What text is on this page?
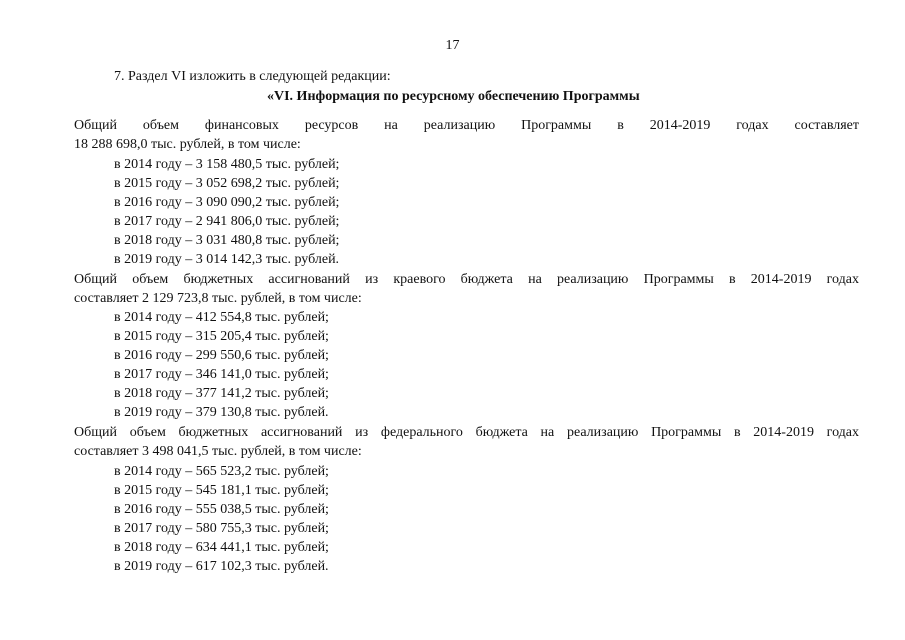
17
7. Раздел VI изложить в следующей редакции:
«VI. Информация по ресурсному обеспечению Программы
Общий объем финансовых ресурсов на реализацию Программы в 2014-2019 годах составляет
18 288 698,0 тыс. рублей, в том числе:
в 2014 году – 3 158 480,5 тыс. рублей;
в 2015 году – 3 052 698,2 тыс. рублей;
в 2016 году – 3 090 090,2 тыс. рублей;
в 2017 году – 2 941 806,0 тыс. рублей;
в 2018 году – 3 031 480,8 тыс. рублей;
в 2019 году – 3 014 142,3 тыс. рублей.
Общий объем бюджетных ассигнований из краевого бюджета на реализацию Программы в 2014-2019 годах
составляет 2 129 723,8 тыс. рублей, в том числе:
в 2014 году – 412 554,8 тыс. рублей;
в 2015 году – 315 205,4 тыс. рублей;
в 2016 году – 299 550,6 тыс. рублей;
в 2017 году – 346 141,0 тыс. рублей;
в 2018 году – 377 141,2 тыс. рублей;
в 2019 году – 379 130,8 тыс. рублей.
Общий объем бюджетных ассигнований из федерального бюджета на реализацию Программы в 2014-2019 годах
составляет 3 498 041,5 тыс. рублей, в том числе:
в 2014 году – 565 523,2 тыс. рублей;
в 2015 году – 545 181,1 тыс. рублей;
в 2016 году – 555 038,5 тыс. рублей;
в 2017 году – 580 755,3 тыс. рублей;
в 2018 году – 634 441,1 тыс. рублей;
в 2019 году – 617 102,3 тыс. рублей.
